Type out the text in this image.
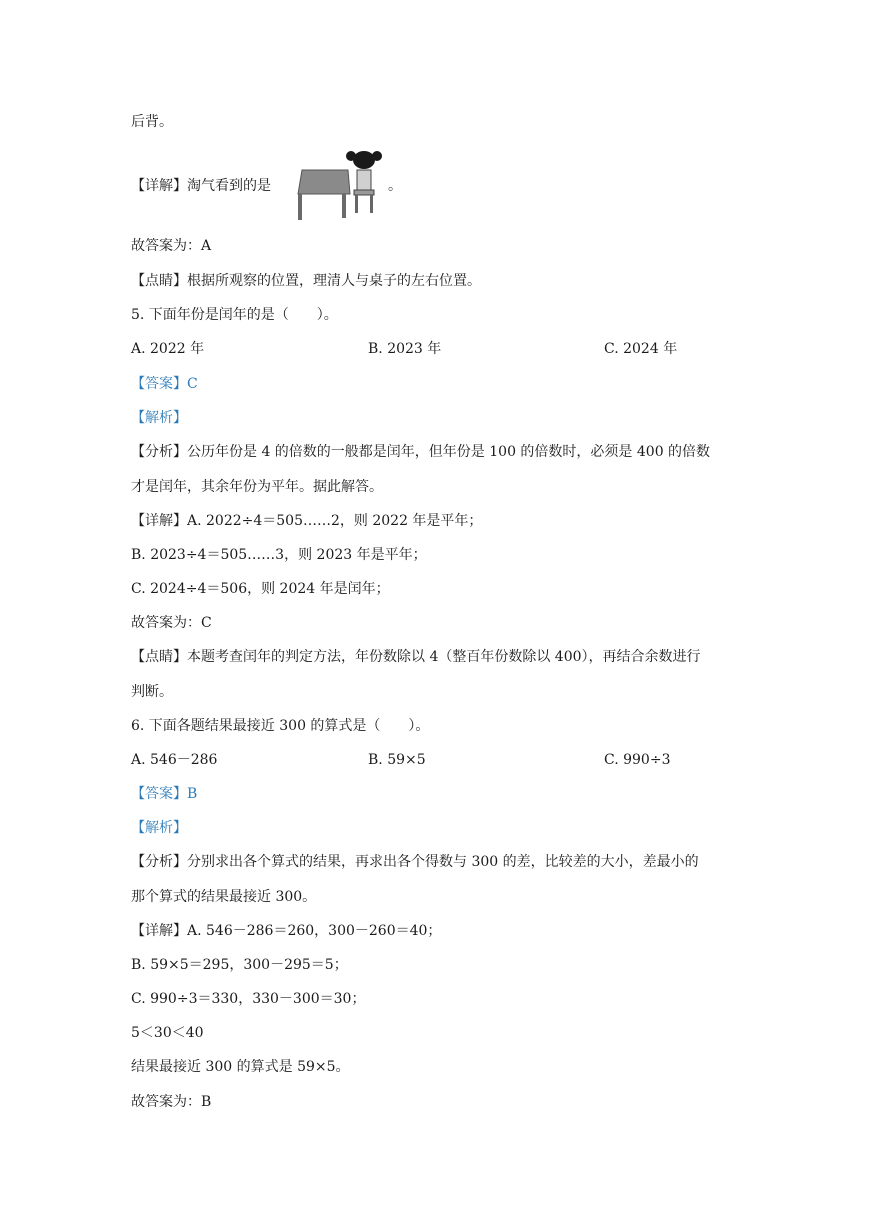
后背。
【详解】淘气看到的是	。
故答案为：A
【点睛】根据所观察的位置，理清人与桌子的左右位置。
5. 下面年份是闰年的是（　　）。
A. 2022 年	B. 2023 年	C. 2024 年
【答案】C
【解析】
【分析】公历年份是 4 的倍数的一般都是闰年，但年份是 100 的倍数时，必须是 400 的倍数
才是闰年，其余年份为平年。据此解答。
【详解】A. 2022÷4＝505……2，则 2022 年是平年；
B. 2023÷4＝505……3，则 2023 年是平年；
C. 2024÷4＝506，则 2024 年是闰年；
故答案为：C
【点睛】本题考查闰年的判定方法，年份数除以 4（整百年份数除以 400），再结合余数进行
判断。
6. 下面各题结果最接近 300 的算式是（　　）。
A. 546－286	B. 59×5	C. 990÷3
【答案】B
【解析】
【分析】分别求出各个算式的结果，再求出各个得数与 300 的差，比较差的大小，差最小的
那个算式的结果最接近 300。
【详解】A. 546－286＝260，300－260＝40；
B. 59×5＝295，300－295＝5；
C. 990÷3＝330，330－300＝30；
5＜30＜40
结果最接近 300 的算式是 59×5。
故答案为：B
